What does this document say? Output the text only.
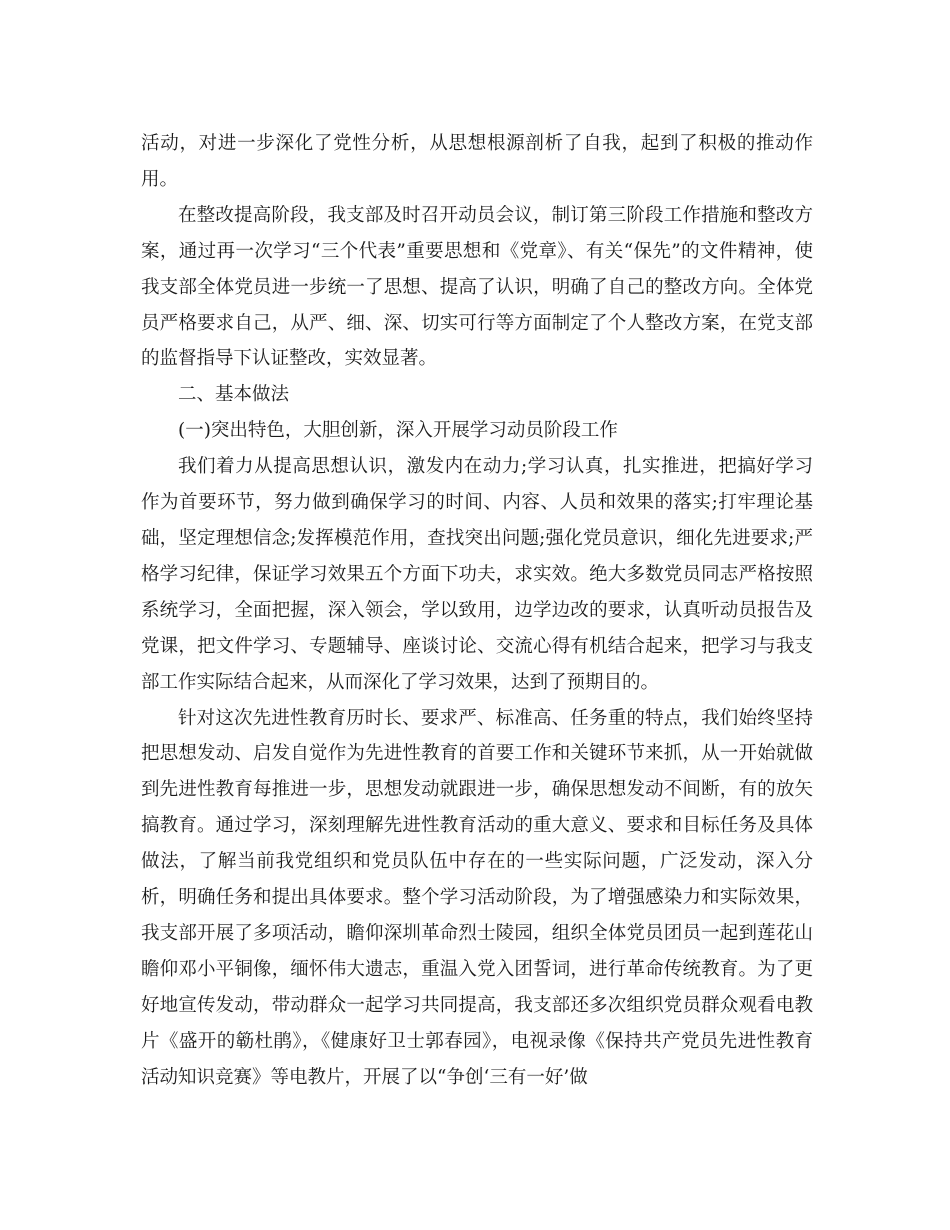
活动，对进一步深化了党性分析，从思想根源剖析了自我，起到了积极的推动作用。

在整改提高阶段，我支部及时召开动员会议，制订第三阶段工作措施和整改方案，通过再一次学习“三个代表”重要思想和《党章》、有关“保先”的文件精神，使我支部全体党员进一步统一了思想、提高了认识，明确了自己的整改方向。全体党员严格要求自己，从严、细、深、切实可行等方面制定了个人整改方案，在党支部的监督指导下认证整改，实效显著。

二、基本做法

(一)突出特色，大胆创新，深入开展学习动员阶段工作

我们着力从提高思想认识，激发内在动力;学习认真，扎实推进，把搞好学习作为首要环节，努力做到确保学习的时间、内容、人员和效果的落实;打牢理论基础，坚定理想信念;发挥模范作用，查找突出问题;强化党员意识，细化先进要求;严格学习纪律，保证学习效果五个方面下功夫，求实效。绝大多数党员同志严格按照系统学习，全面把握，深入领会，学以致用，边学边改的要求，认真听动员报告及党课，把文件学习、专题辅导、座谈讨论、交流心得有机结合起来，把学习与我支部工作实际结合起来，从而深化了学习效果，达到了预期目的。

针对这次先进性教育历时长、要求严、标准高、任务重的特点，我们始终坚持把思想发动、启发自觉作为先进性教育的首要工作和关键环节来抓，从一开始就做到先进性教育每推进一步，思想发动就跟进一步，确保思想发动不间断，有的放矢搞教育。通过学习，深刻理解先进性教育活动的重大意义、要求和目标任务及具体做法，了解当前我党组织和党员队伍中存在的一些实际问题，广泛发动，深入分析，明确任务和提出具体要求。整个学习活动阶段，为了增强感染力和实际效果，我支部开展了多项活动，瞻仰深圳革命烈士陵园，组织全体党员团员一起到莲花山瞻仰邓小平铜像，缅怀伟大遗志，重温入党入团誓词，进行革命传统教育。为了更好地宣传发动，带动群众一起学习共同提高，我支部还多次组织党员群众观看电教片《盛开的簕杜鹃》，《健康好卫士郭春园》，电视录像《保持共产党员先进性教育活动知识竞赛》等电教片，开展了以“争创‘三有一好’做
